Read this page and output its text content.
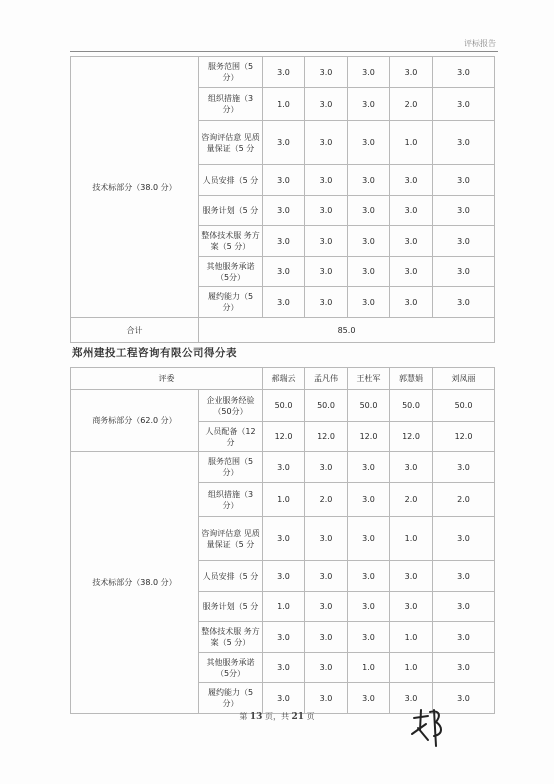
评标报告
技术标部分（38.0 分）	服务范围（5 分）	3.0	3.0	3.0	3.0	3.0
	组织措施（3 分）	1.0	3.0	3.0	2.0	3.0
	咨询评估意 见质量保证（5 分	3.0	3.0	3.0	1.0	3.0
	人员安排（5 分	3.0	3.0	3.0	3.0	3.0
	服务计划（5 分	3.0	3.0	3.0	3.0	3.0
	整体技术服 务方案（5 分）	3.0	3.0	3.0	3.0	3.0
	其他服务承诺（5分）	3.0	3.0	3.0	3.0	3.0
	履约能力（5 分）	3.0	3.0	3.0	3.0	3.0
合计	85.0					
郑州建投工程咨询有限公司得分表
评委		郝瑞云	孟凡伟	王杜军	郭慧娟	刘凤丽
商务标部分（62.0 分）	企业服务经验（50分）	50.0	50.0	50.0	50.0	50.0
	人员配备（12 分	12.0	12.0	12.0	12.0	12.0
技术标部分（38.0 分）	服务范围（5 分）	3.0	3.0	3.0	3.0	3.0
	组织措施（3 分）	1.0	2.0	3.0	2.0	2.0
	咨询评估意 见质量保证（5 分	3.0	3.0	3.0	1.0	3.0
	人员安排（5 分	3.0	3.0	3.0	3.0	3.0
	服务计划（5 分	1.0	3.0	3.0	3.0	3.0
	整体技术服 务方案（5 分）	3.0	3.0	3.0	1.0	3.0
	其他服务承诺（5分）	3.0	3.0	1.0	1.0	3.0
	履约能力（5 分）	3.0	3.0	3.0	3.0	3.0
第 13 页，共 21 页
